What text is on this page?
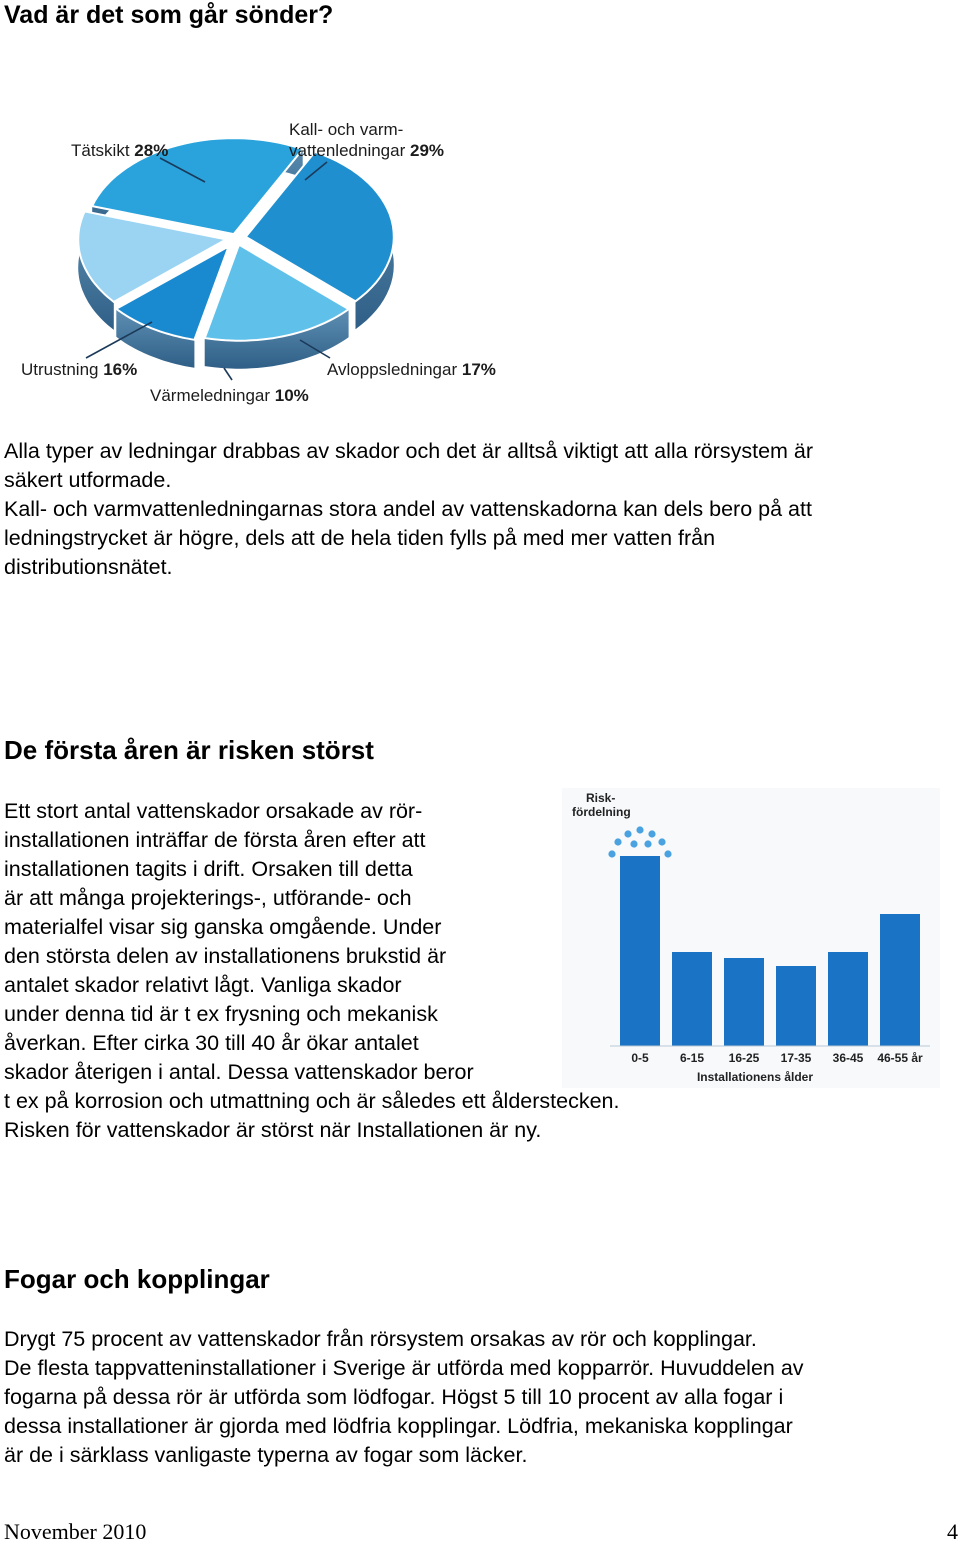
Vad är det som går sönder?
Tätskikt 28%
Kall- och varm-
vattenledningar 29%
Utrustning 16%
Värmeledningar 10%
Avloppsledningar 17%
Alla typer av ledningar drabbas av skador och det är alltså viktigt att alla rörsystem är
säkert utformade.
Kall- och varmvattenledningarnas stora andel av vattenskadorna kan dels bero på att
ledningstrycket är högre, dels att de hela tiden fylls på med mer vatten från
distributionsnätet.
De första åren är risken störst
Ett stort antal vattenskador orsakade av rör-
installationen inträffar de första åren efter att
installationen tagits i drift. Orsaken till detta
är att många projekterings-, utförande- och
materialfel visar sig ganska omgående. Under
den största delen av installationens brukstid är
antalet skador relativt lågt. Vanliga skador
under denna tid är t ex frysning och mekanisk
åverkan. Efter cirka 30 till 40 år ökar antalet
skador återigen i antal. Dessa vattenskador beror
t ex på korrosion och utmattning och är således ett ålderstecken.
Risken för vattenskador är störst när Installationen är ny.
Risk-
fördelning
0-5	6-15 16-25 17-35 36-45 46-55 år
Installationens ålder
Fogar och kopplingar
Drygt 75 procent av vattenskador från rörsystem orsakas av rör och kopplingar.
De flesta tappvatteninstallationer i Sverige är utförda med kopparrör. Huvuddelen av
fogarna på dessa rör är utförda som lödfogar. Högst 5 till 10 procent av alla fogar i
dessa installationer är gjorda med lödfria kopplingar. Lödfria, mekaniska kopplingar
är de i särklass vanligaste typerna av fogar som läcker.
November 2010	4
